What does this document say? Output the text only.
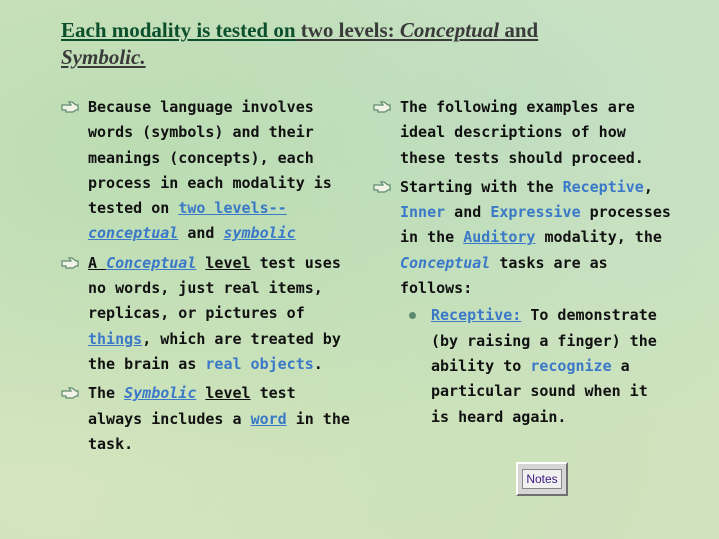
Each modality is tested on two levels: Conceptual and
Symbolic.
Because language involves words (symbols) and their meanings (concepts), each process in each modality is tested on two levels--
conceptual and symbolic
A Conceptual level test uses no words, just real items, replicas, or pictures of things, which are treated by the brain as real objects.
The Symbolic level test always includes a word in the task.
The following examples are ideal descriptions of how these tests should proceed.
Starting with the Receptive, Inner and Expressive processes in the Auditory modality, the Conceptual tasks are as follows:
Receptive: To demonstrate (by raising a finger) the ability to recognize a particular sound when it is heard again.
Notes
